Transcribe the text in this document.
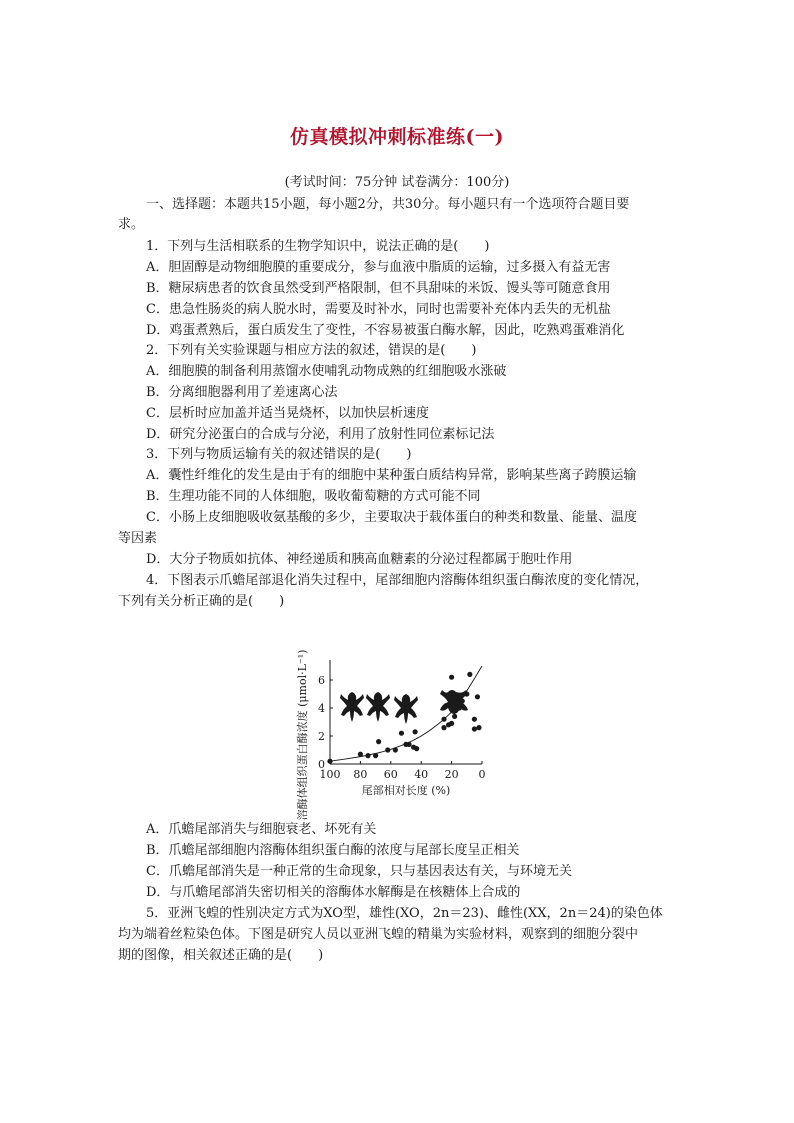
仿真模拟冲刺标准练(一)
(考试时间：75分钟 试卷满分：100分)
一、选择题：本题共15小题，每小题2分，共30分。每小题只有一个选项符合题目要
求。
1．下列与生活相联系的生物学知识中，说法正确的是(　　)
A．胆固醇是动物细胞膜的重要成分，参与血液中脂质的运输，过多摄入有益无害
B．糖尿病患者的饮食虽然受到严格限制，但不具甜味的米饭、馒头等可随意食用
C．患急性肠炎的病人脱水时，需要及时补水，同时也需要补充体内丢失的无机盐
D．鸡蛋煮熟后，蛋白质发生了变性，不容易被蛋白酶水解，因此，吃熟鸡蛋难消化
2．下列有关实验课题与相应方法的叙述，错误的是(　　)
A．细胞膜的制备利用蒸馏水使哺乳动物成熟的红细胞吸水涨破
B．分离细胞器利用了差速离心法
C．层析时应加盖并适当晃烧杯，以加快层析速度
D．研究分泌蛋白的合成与分泌，利用了放射性同位素标记法
3．下列与物质运输有关的叙述错误的是(　　)
A．囊性纤维化的发生是由于有的细胞中某种蛋白质结构异常，影响某些离子跨膜运输
B．生理功能不同的人体细胞，吸收葡萄糖的方式可能不同
C．小肠上皮细胞吸收氨基酸的多少，主要取决于载体蛋白的种类和数量、能量、温度
等因素
D．大分子物质如抗体、神经递质和胰高血糖素的分泌过程都属于胞吐作用
4．下图表示爪蟾尾部退化消失过程中，尾部细胞内溶酶体组织蛋白酶浓度的变化情况，
下列有关分析正确的是(　　)
0
2
4
6
100 80 60 40 20 0
尾部相对长度 (%)
溶酶体组织蛋白酶浓度 (μmol·L⁻¹)
A．爪蟾尾部消失与细胞衰老、坏死有关
B．爪蟾尾部细胞内溶酶体组织蛋白酶的浓度与尾部长度呈正相关
C．爪蟾尾部消失是一种正常的生命现象，只与基因表达有关，与环境无关
D．与爪蟾尾部消失密切相关的溶酶体水解酶是在核糖体上合成的
5．亚洲飞蝗的性别决定方式为XO型，雄性(XO，2n＝23)、雌性(XX，2n＝24)的染色体
均为端着丝粒染色体。下图是研究人员以亚洲飞蝗的精巢为实验材料，观察到的细胞分裂中
期的图像，相关叙述正确的是(　　)
